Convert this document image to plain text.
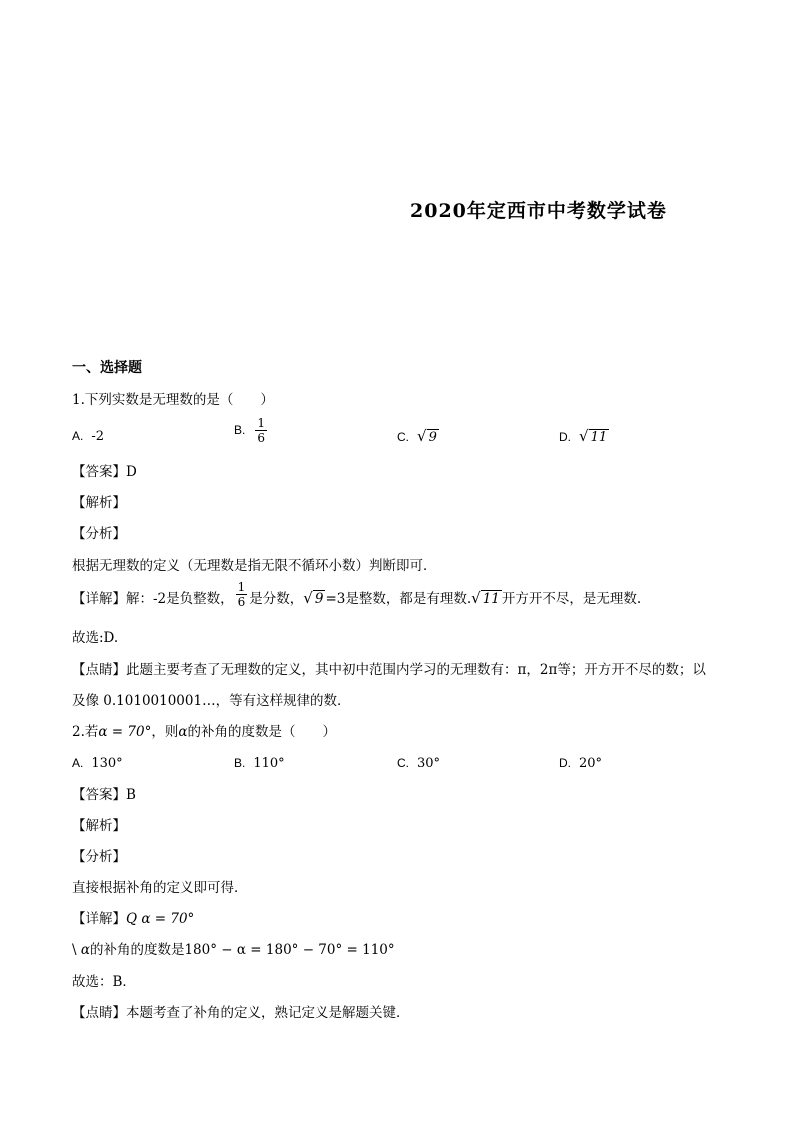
2020年定西市中考数学试卷
一、选择题
1.下列实数是无理数的是（　　）
A. -2	B. $\frac{1}{6}$	C. √ 9	D. √ 11
【答案】D
【解析】
【分析】
根据无理数的定义（无理数是指无限不循环小数）判断即可．
【详解】解：-2是负整数， $\frac{1}{6}$ 是分数，√ 9 =3是整数，都是有理数.√ 11 开方开不尽，是无理数.
故选:D.
【点睛】此题主要考查了无理数的定义，其中初中范围内学习的无理数有：π，2π等；开方开不尽的数；以
及像 0.1010010001…，等有这样规律的数．
2.若α = 70°，则α的补角的度数是（　　）
A. 130°	B. 110°	C. 30°	D. 20°
【答案】B
【解析】
【分析】
直接根据补角的定义即可得．
【详解】Q α = 70°
\ α的补角的度数是180° − α = 180° − 70° = 110°
故选：B．
【点睛】本题考查了补角的定义，熟记定义是解题关键．
